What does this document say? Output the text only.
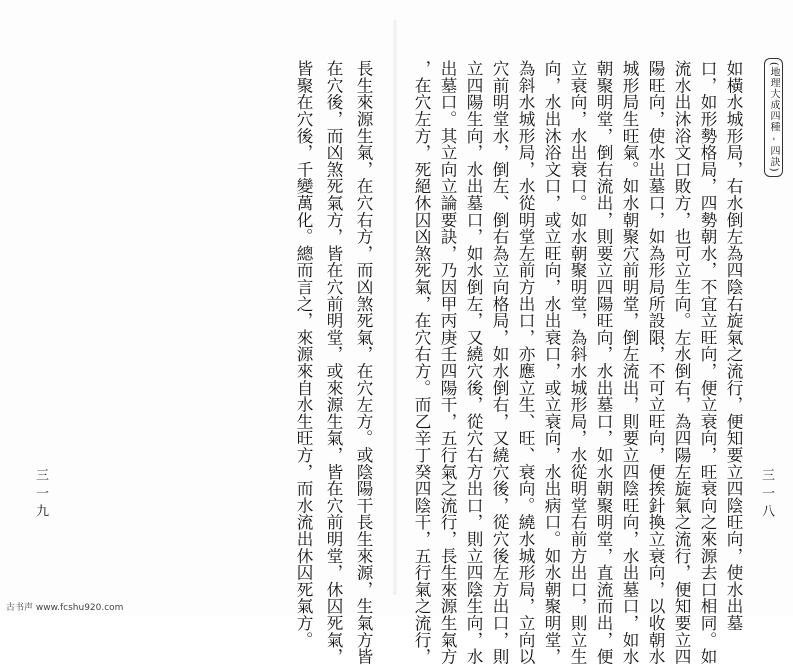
(地理大成四種 - 四訣)
三一八
三一九	如橫水城形局，右水倒左為四陰右旋氣之流行，便知要立四陰旺向，使水出墓
口，如形勢格局，四勢朝水，不宜立旺向，便立衰向，旺衰向之來源去口相同。如
流水出沐浴文口敗方，也可立生向。左水倒右，為四陽左旋氣之流行，便知要立四
陽旺向，使水出墓口，如為形局所設限，不可立旺向，便挨針換立衰向，以收朝水
城形局生旺氣。如水朝聚穴前明堂，倒左流出，則要立四陰旺向，水出墓口，如水
朝聚明堂，倒右流出，則要立四陽旺向，水出墓口，如水朝聚明堂，直流而出，便
立衰向，水出衰口。如水朝聚明堂，為斜水城形局，水從明堂右前方出口，則立生
向，水出沐浴文口，或立旺向，水出衰口，或立衰向，水出病口。如水朝聚明堂，
為斜水城形局，水從明堂左前方出口，亦應立生、旺、衰向。繞水城形局，立向以
穴前明堂水，倒左、倒右為立向格局，如水倒右，又繞穴後，從穴後左方出口，則
立四陽生向，水出墓口，如水倒左，又繞穴後，從穴右方出口，則立四陰生向，水
出墓口。其立向立論要訣，乃因甲丙庚壬四陽干，五行氣之流行，長生來源生氣方
，在穴左方，死絕休囚凶煞死氣，在穴右方。而乙辛丁癸四陰干，五行氣之流行，
長生來源生氣，在穴右方，而凶煞死氣，在穴左方。或陰陽干長生來源，生氣方皆
在穴後，而凶煞死氣方，皆在穴前明堂，或來源生氣，皆在穴前明堂，休囚死氣，
皆聚在穴後，千變萬化。總而言之，來源來自水生旺方，而水流出休囚死氣方。
古书声 www.fcshu920.com
